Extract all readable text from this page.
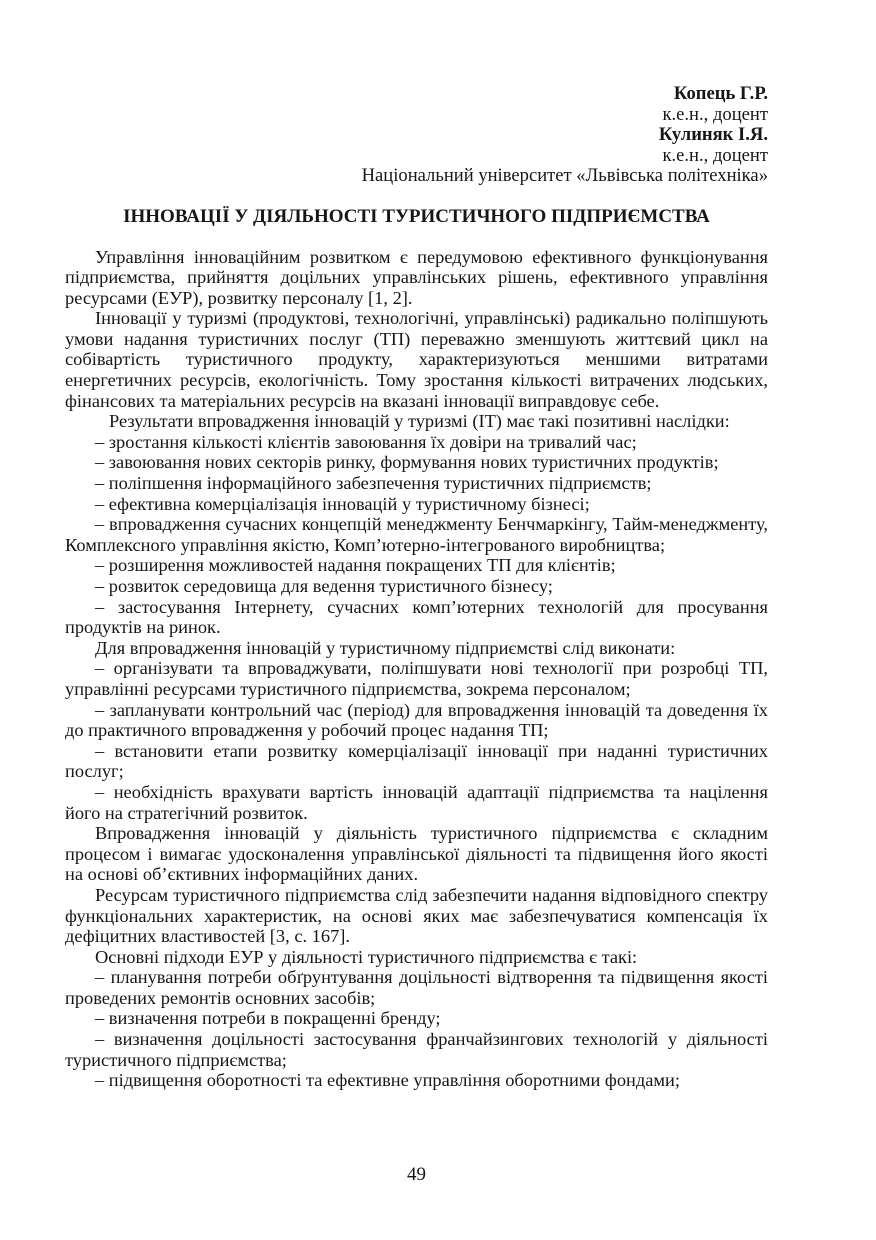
Копець Г.Р.
к.е.н., доцент
Кулиняк І.Я.
к.е.н., доцент
Національний університет «Львівська політехніка»
ІННОВАЦІЇ У ДІЯЛЬНОСТІ ТУРИСТИЧНОГО ПІДПРИЄМСТВА

Управління інноваційним розвитком є передумовою ефективного функціонування підприємства, прийняття доцільних управлінських рішень, ефективного управління ресурсами (ЕУР), розвитку персоналу [1, 2].

Інновації у туризмі (продуктові, технологічні, управлінські) радикально поліпшують умови надання туристичних послуг (ТП) переважно зменшують життєвий цикл на собівартість туристичного продукту, характеризуються меншими витратами енергетичних ресурсів, екологічність. Тому зростання кількості витрачених людських, фінансових та матеріальних ресурсів на вказані інновації виправдовує себе.

Результати впровадження інновацій у туризмі (ІТ) має такі позитивні наслідки:

– зростання кількості клієнтів завоювання їх довіри на тривалий час;

– завоювання нових секторів ринку, формування нових туристичних продуктів;

– поліпшення інформаційного забезпечення туристичних підприємств;

– ефективна комерціалізація інновацій у туристичному бізнесі;

– впровадження сучасних концепцій менеджменту Бенчмаркінгу, Тайм-менеджменту, Комплексного управління якістю, Комп’ютерно-інтегрованого виробництва;

– розширення можливостей надання покращених ТП для клієнтів;

– розвиток середовища для ведення туристичного бізнесу;

– застосування Інтернету, сучасних комп’ютерних технологій для просування продуктів на ринок.

Для впровадження інновацій у туристичному підприємстві слід виконати:

– організувати та впроваджувати, поліпшувати нові технології при розробці ТП, управлінні ресурсами туристичного підприємства, зокрема персоналом;

– запланувати контрольний час (період) для впровадження інновацій та доведення їх до практичного впровадження у робочий процес надання ТП;

– встановити етапи розвитку комерціалізації інновації при наданні туристичних послуг;

– необхідність врахувати вартість інновацій адаптації підприємства та націлення його на стратегічний розвиток.

Впровадження інновацій у діяльність туристичного підприємства є складним процесом і вимагає удосконалення управлінської діяльності та підвищення його якості на основі об’єктивних інформаційних даних.

Ресурсам туристичного підприємства слід забезпечити надання відповідного спектру функціональних характеристик, на основі яких має забезпечуватися компенсація їх дефіцитних властивостей [3, с. 167].

Основні підходи ЕУР у діяльності туристичного підприємства є такі:

– планування потреби обґрунтування доцільності відтворення та підвищення якості проведених ремонтів основних засобів;

– визначення потреби в покращенні бренду;

– визначення доцільності застосування франчайзингових технологій у діяльності туристичного підприємства;

– підвищення оборотності та ефективне управління оборотними фондами;

49
